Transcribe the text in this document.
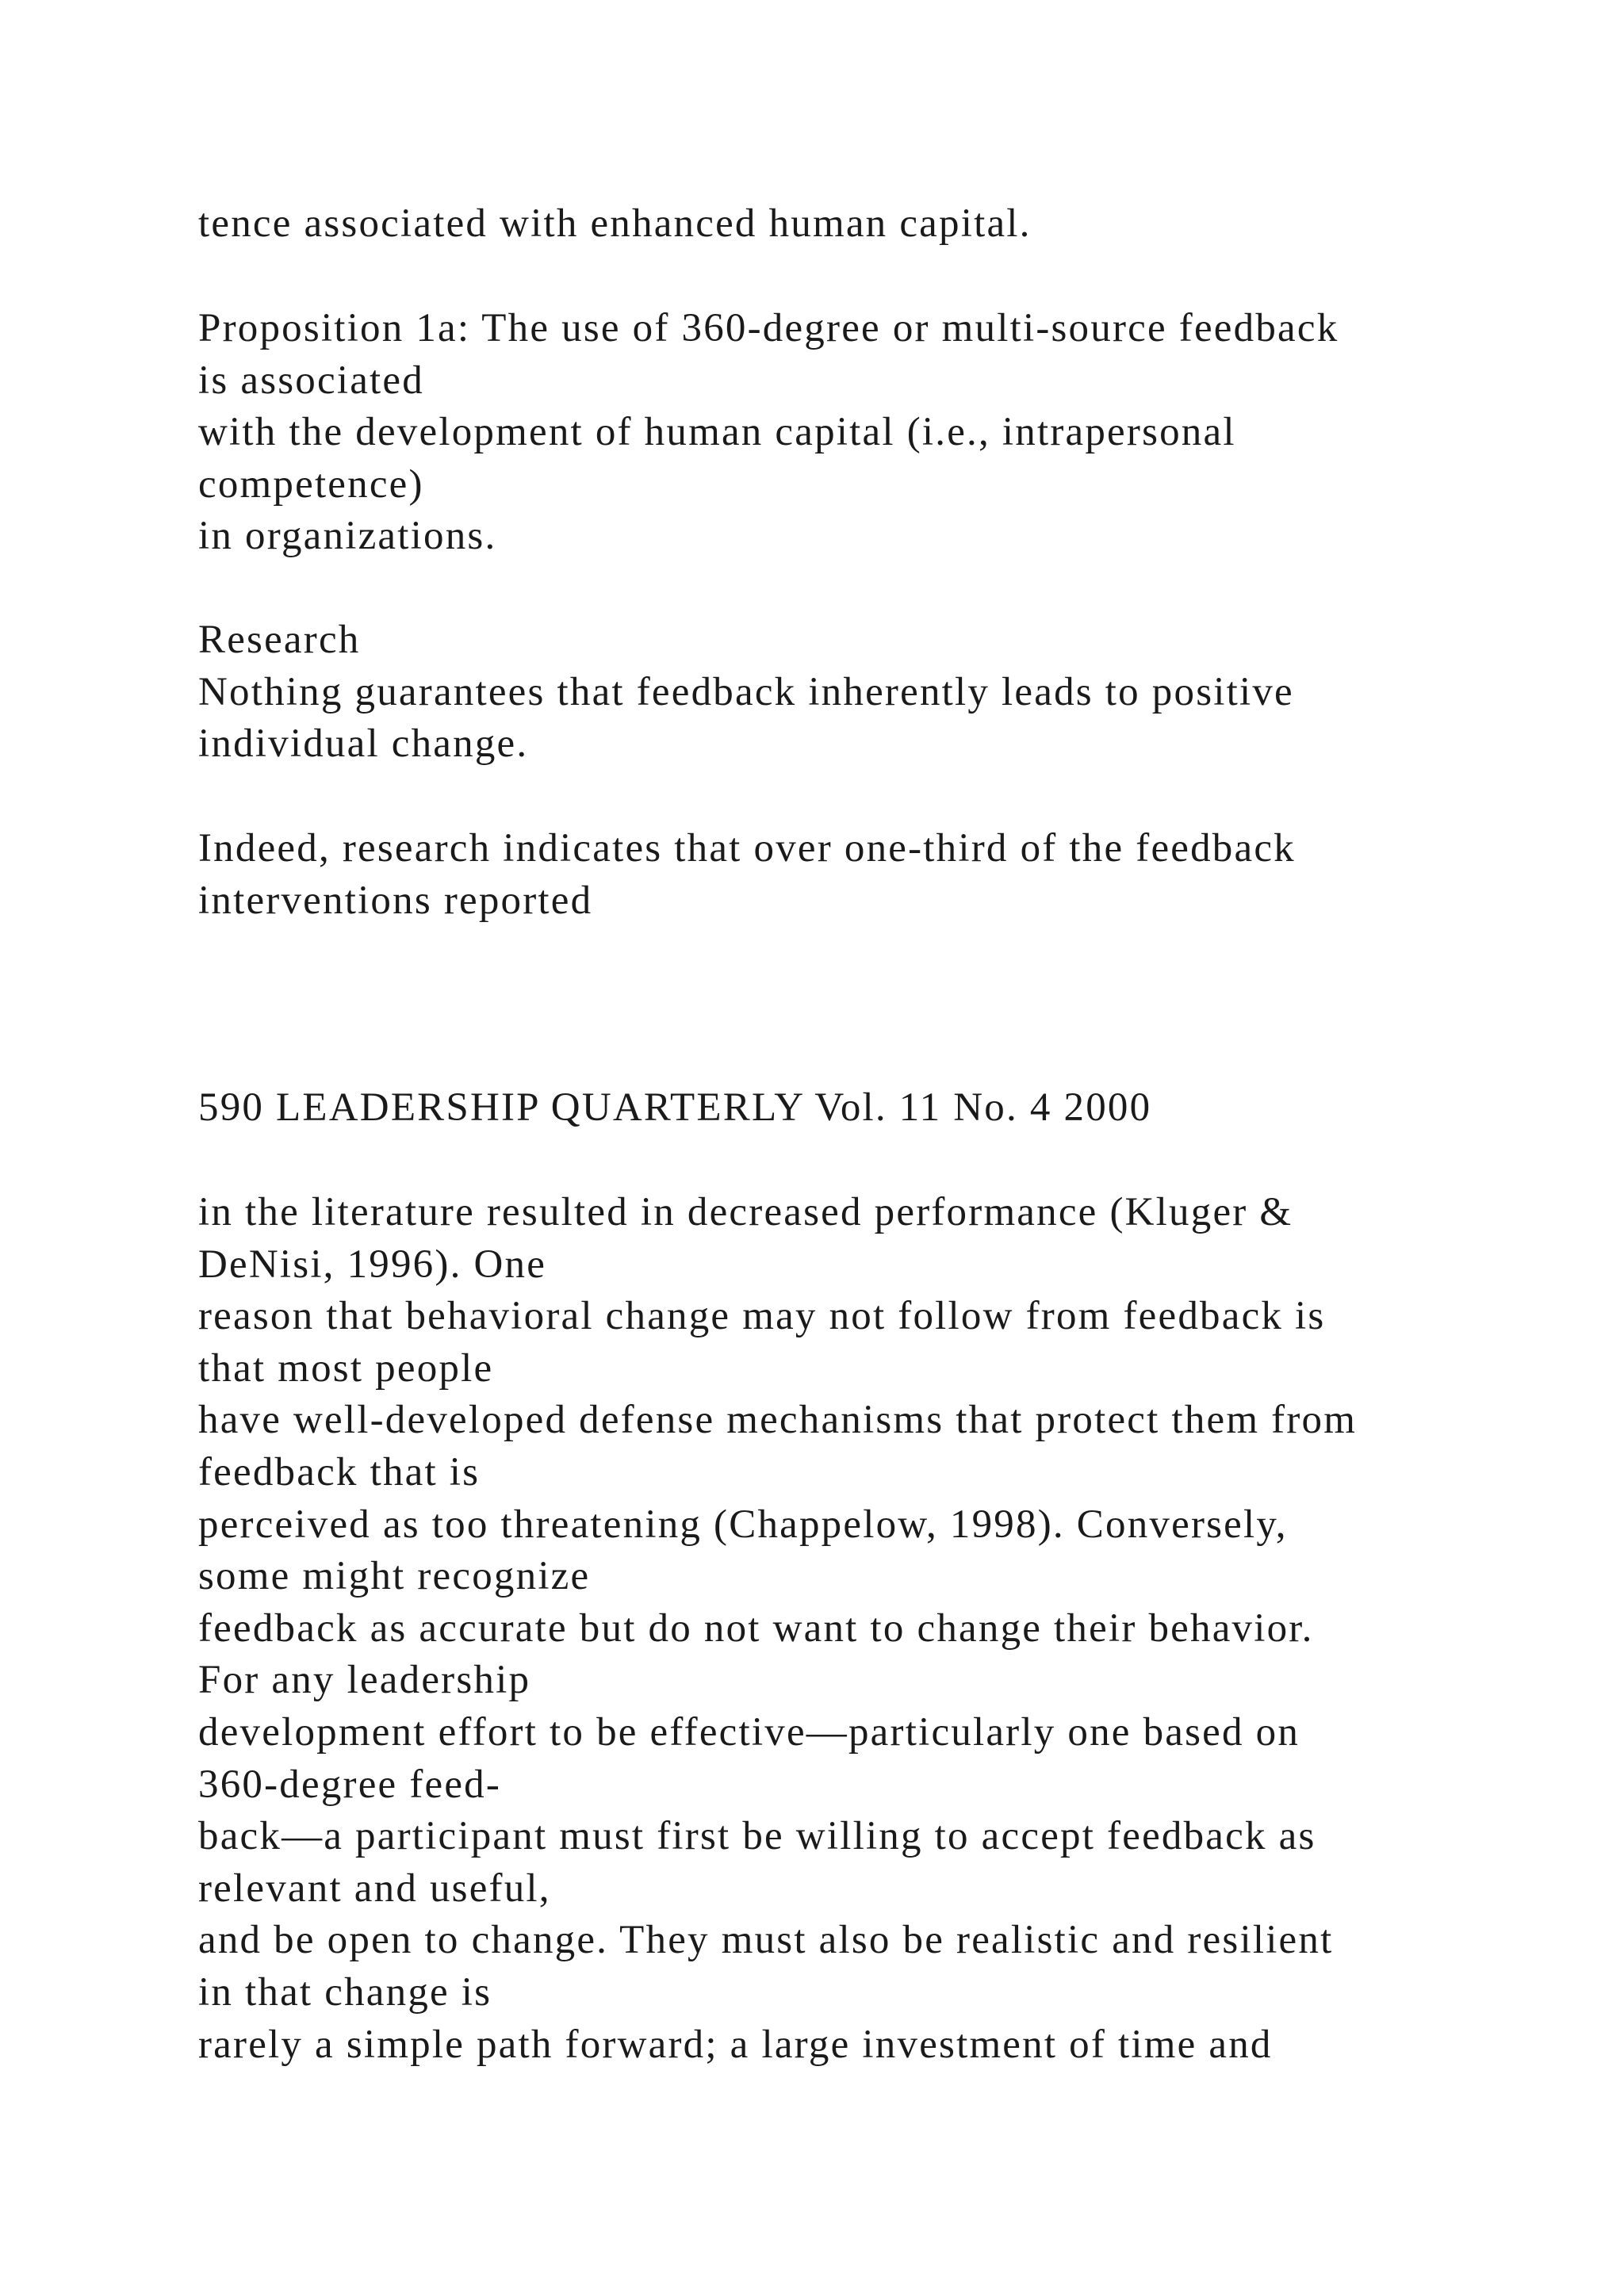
tence associated with enhanced human capital.
Proposition 1a: The use of 360-degree or multi-source feedback
is associated
with the development of human capital (i.e., intrapersonal
competence)
in organizations.
Research
Nothing guarantees that feedback inherently leads to positive
individual change.
Indeed, research indicates that over one-third of the feedback
interventions reported
590 LEADERSHIP QUARTERLY Vol. 11 No. 4 2000
in the literature resulted in decreased performance (Kluger &
DeNisi, 1996). One
reason that behavioral change may not follow from feedback is
that most people
have well-developed defense mechanisms that protect them from
feedback that is
perceived as too threatening (Chappelow, 1998). Conversely,
some might recognize
feedback as accurate but do not want to change their behavior.
For any leadership
development effort to be effective—particularly one based on
360-degree feed-
back—a participant must first be willing to accept feedback as
relevant and useful,
and be open to change. They must also be realistic and resilient
in that change is
rarely a simple path forward; a large investment of time and
